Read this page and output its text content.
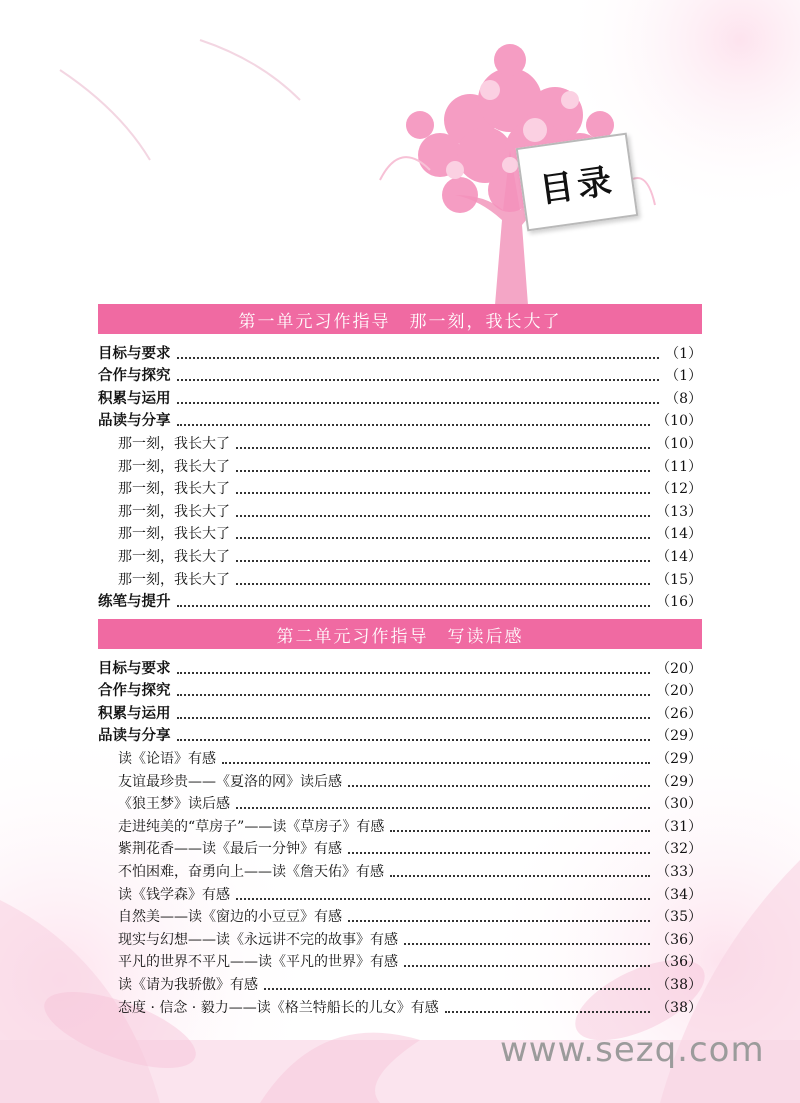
目录
第一单元习作指导　那一刻，我长大了
目标与要求	（1）
合作与探究	（1）
积累与运用	（8）
品读与分享	（10）
那一刻，我长大了	（10）
那一刻，我长大了	（11）
那一刻，我长大了	（12）
那一刻，我长大了	（13）
那一刻，我长大了	（14）
那一刻，我长大了	（14）
那一刻，我长大了	（15）
练笔与提升	（16）
第二单元习作指导　写读后感
目标与要求	（20）
合作与探究	（20）
积累与运用	（26）
品读与分享	（29）
读《论语》有感	（29）
友谊最珍贵——《夏洛的网》读后感	（29）
《狼王梦》读后感	（30）
走进纯美的“草房子”——读《草房子》有感	（31）
紫荆花香——读《最后一分钟》有感	（32）
不怕困难，奋勇向上——读《詹天佑》有感	（33）
读《钱学森》有感	（34）
自然美——读《窗边的小豆豆》有感	（35）
现实与幻想——读《永远讲不完的故事》有感	（36）
平凡的世界不平凡——读《平凡的世界》有感	（36）
读《请为我骄傲》有感	（38）
态度 · 信念 · 毅力——读《格兰特船长的儿女》有感	（38）
www.sezq.com
